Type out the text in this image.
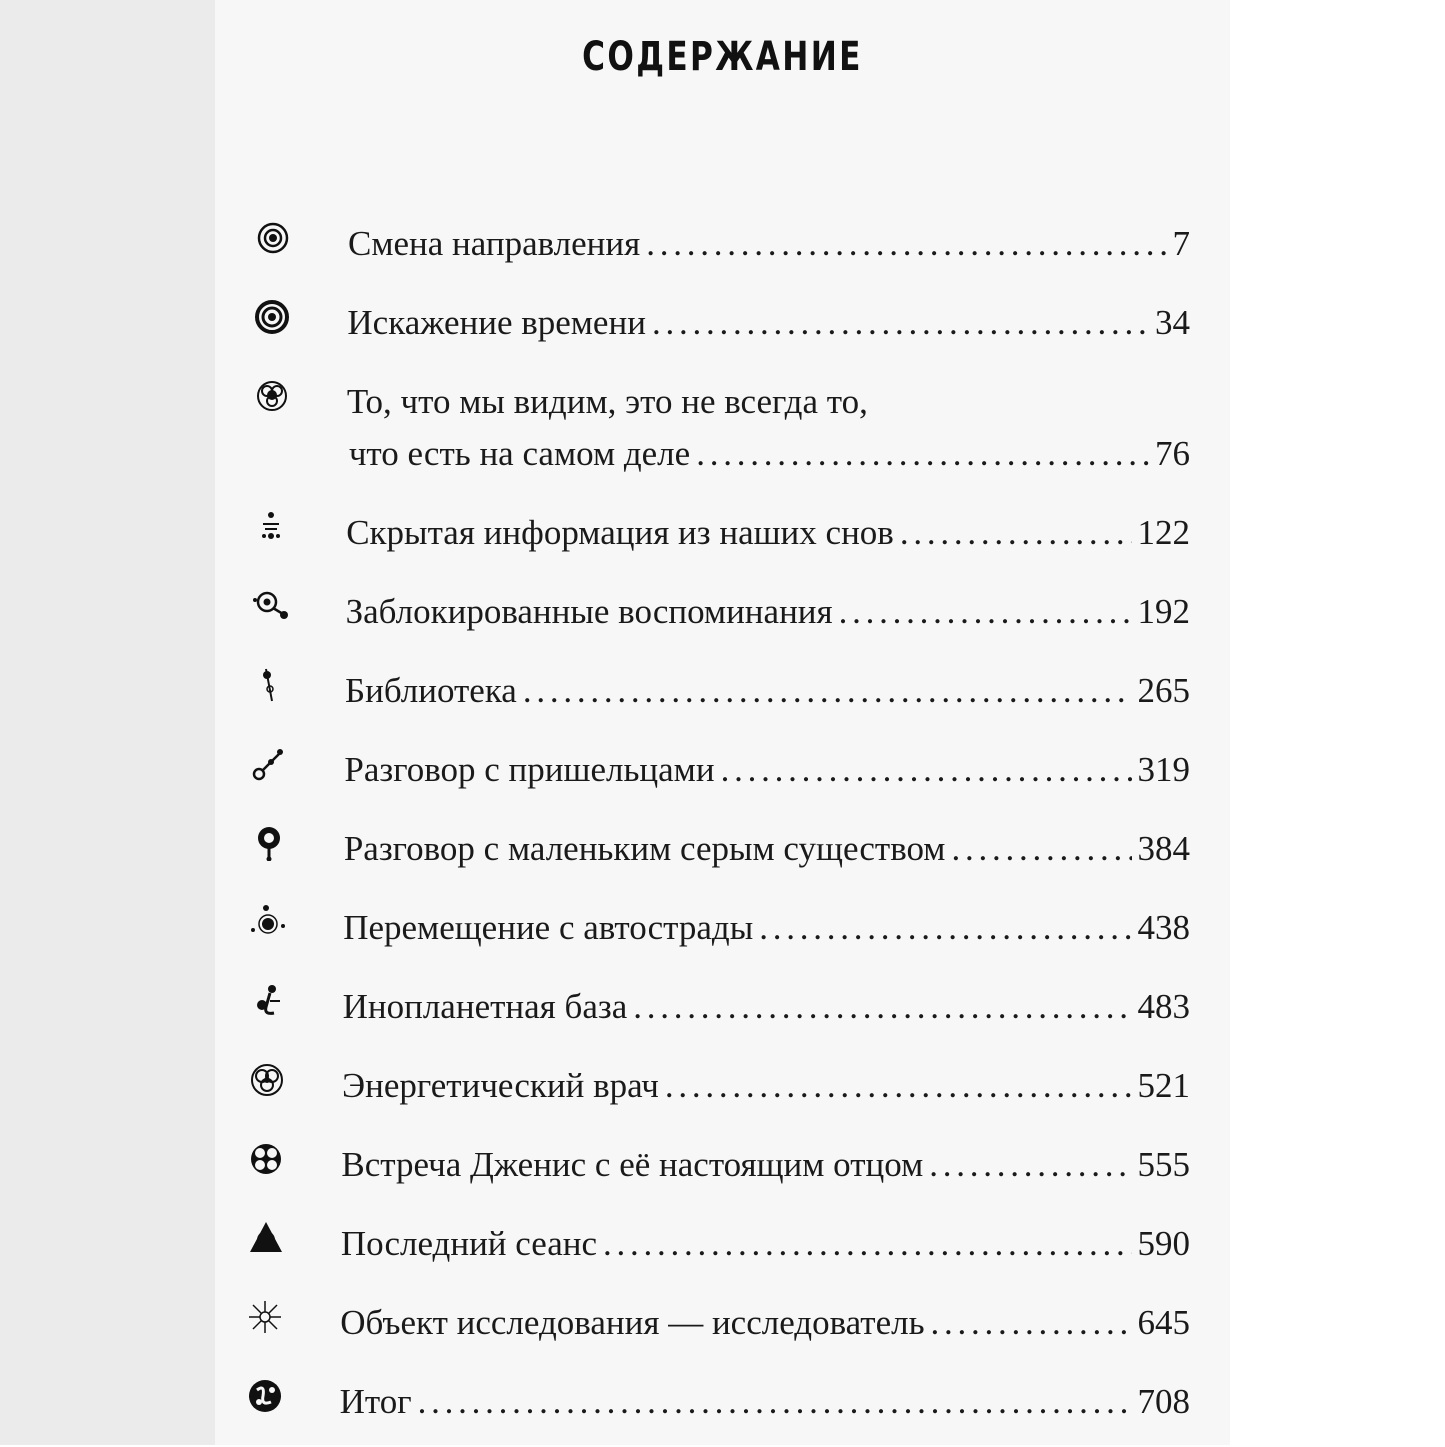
СОДЕРЖАНИЕ
Смена направления . . .	7
Искажение времени . . .	34
То, что мы видим, это не всегда то,
что есть на самом деле . . .	76
Скрытая информация из наших снов . . .	122
Заблокированные воспоминания . . .	192
Библиотека . . .	265
Разговор с пришельцами . . .	319
Разговор с маленьким серым существом . . .	384
Перемещение с автострады . . .	438
Инопланетная база . . .	483
Энергетический врач . . .	521
Встреча Дженис с её настоящим отцом . . .	555
Последний сеанс . . .	590
Объект исследования — исследователь . . .	645
Итог . . .	708
